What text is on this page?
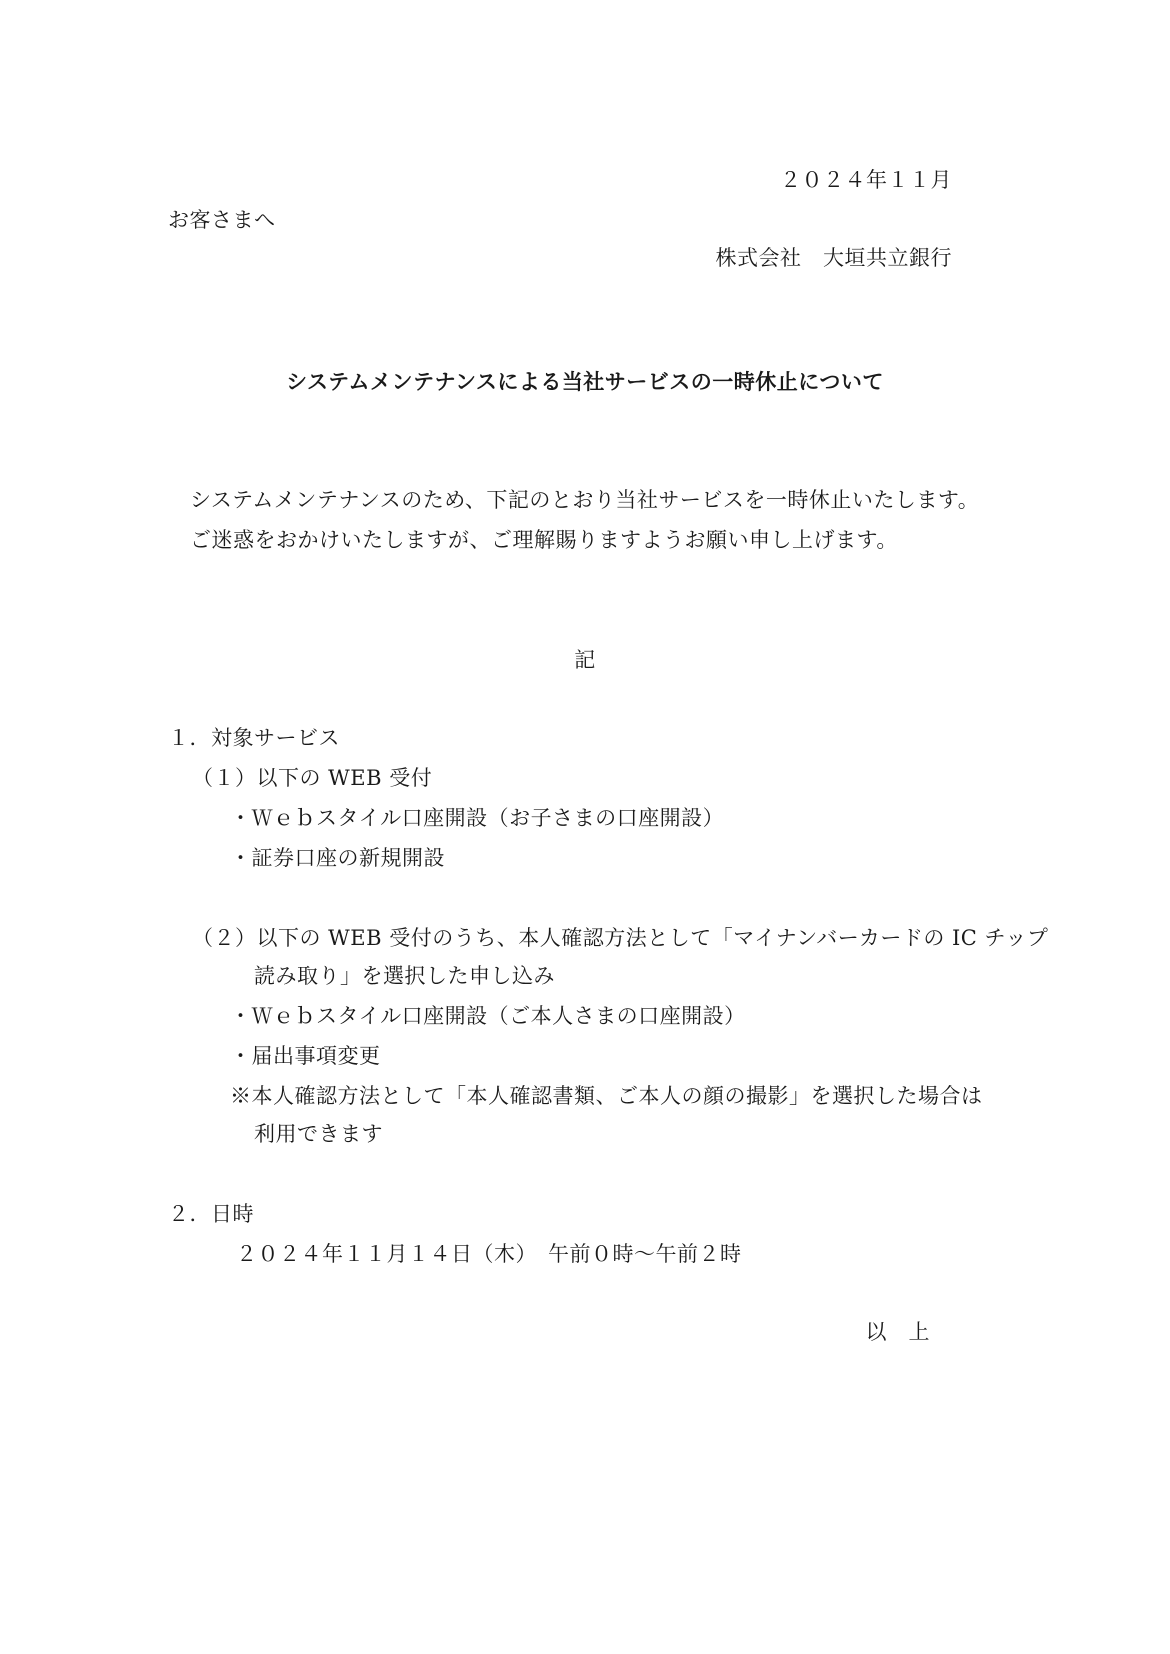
２０２４年１１月
お客さまへ
株式会社　大垣共立銀行
システムメンテナンスによる当社サービスの一時休止について
システムメンテナンスのため、下記のとおり当社サービスを一時休止いたします。
ご迷惑をおかけいたしますが、ご理解賜りますようお願い申し上げます。
記
１．対象サービス
（１）以下の WEB 受付
・Ｗｅｂスタイル口座開設（お子さまの口座開設）
・証券口座の新規開設
（２）以下の WEB 受付のうち、本人確認方法として「マイナンバーカードの IC チップ
読み取り」を選択した申し込み
・Ｗｅｂスタイル口座開設（ご本人さまの口座開設）
・届出事項変更
※本人確認方法として「本人確認書類、ご本人の顔の撮影」を選択した場合は
利用できます
２．日時
２０２４年１１月１４日（木）　午前０時～午前２時
以　上
